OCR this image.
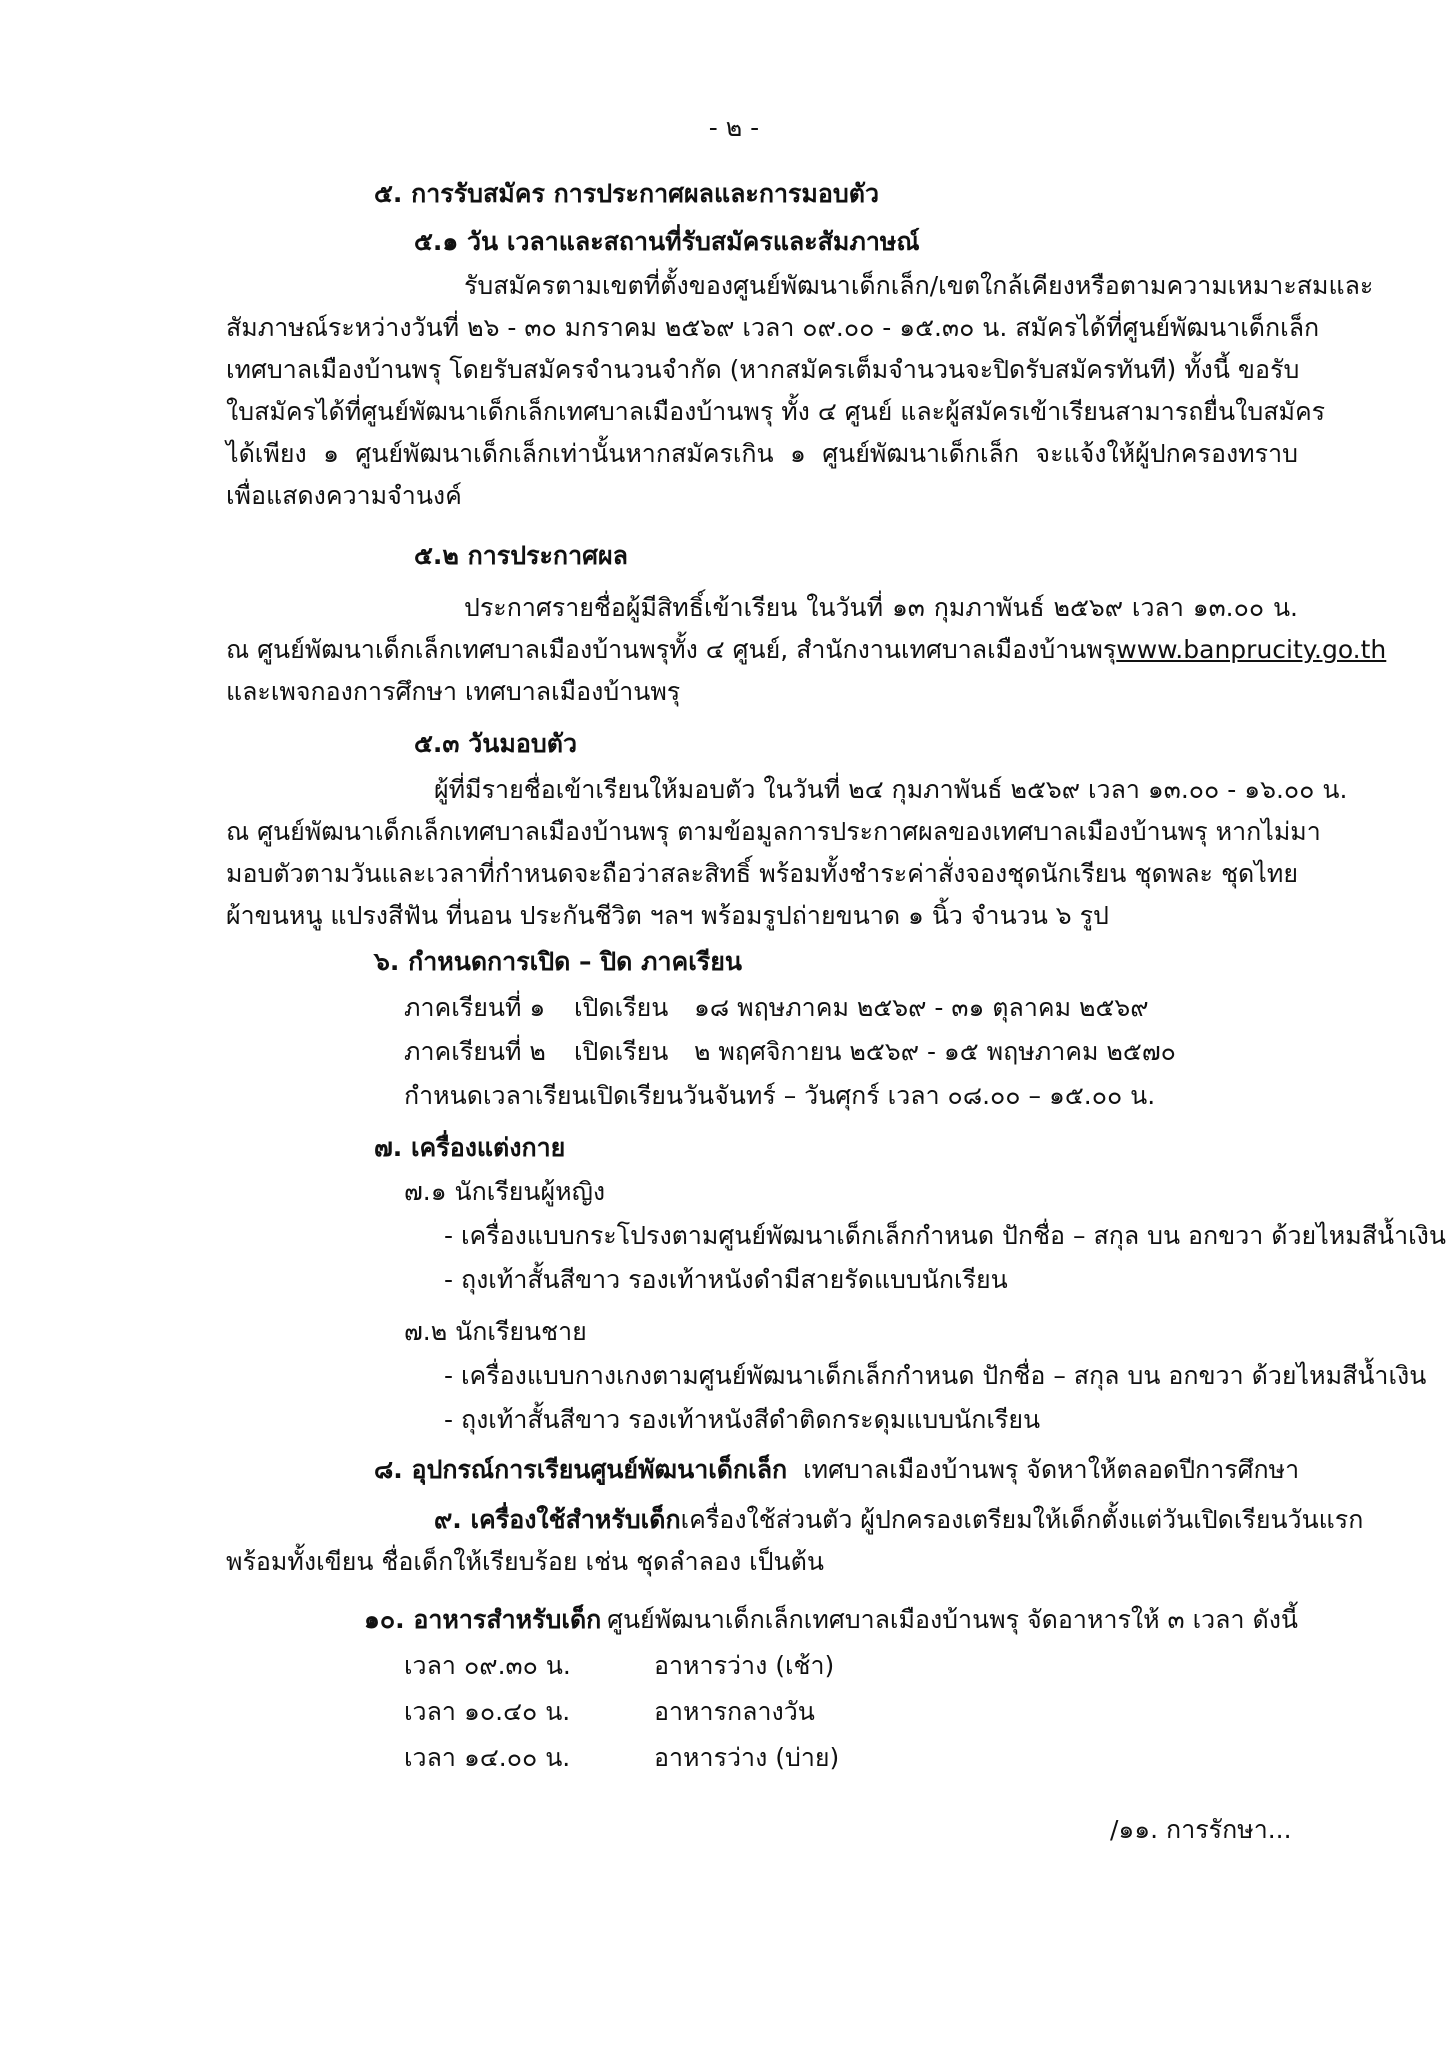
- ๒ -
๕. การรับสมัคร การประกาศผลและการมอบตัว
๕.๑ วัน เวลาและสถานที่รับสมัครและสัมภาษณ์
รับสมัครตามเขตที่ตั้งของศูนย์พัฒนาเด็กเล็ก/เขตใกล้เคียงหรือตามความเหมาะสมและ
สัมภาษณ์ระหว่างวันที่ ๒๖ - ๓๐ มกราคม ๒๕๖๙ เวลา ๐๙.๐๐ - ๑๕.๓๐ น. สมัครได้ที่ศูนย์พัฒนาเด็กเล็ก
เทศบาลเมืองบ้านพรุ โดยรับสมัครจำนวนจำกัด (หากสมัครเต็มจำนวนจะปิดรับสมัครทันที) ทั้งนี้ ขอรับ
ใบสมัครได้ที่ศูนย์พัฒนาเด็กเล็กเทศบาลเมืองบ้านพรุ ทั้ง ๔ ศูนย์ และผู้สมัครเข้าเรียนสามารถยื่นใบสมัคร
ได้เพียง ๑ ศูนย์พัฒนาเด็กเล็กเท่านั้นหากสมัครเกิน ๑ ศูนย์พัฒนาเด็กเล็ก จะแจ้งให้ผู้ปกครองทราบ
เพื่อแสดงความจำนงค์
๕.๒ การประกาศผล
ประกาศรายชื่อผู้มีสิทธิ์เข้าเรียน ในวันที่ ๑๓ กุมภาพันธ์ ๒๕๖๙ เวลา ๑๓.๐๐ น.
ณ ศูนย์พัฒนาเด็กเล็กเทศบาลเมืองบ้านพรุทั้ง ๔ ศูนย์, สำนักงานเทศบาลเมืองบ้านพรุ www.banprucity.go.th
และเพจกองการศึกษา เทศบาลเมืองบ้านพรุ
๕.๓ วันมอบตัว
ผู้ที่มีรายชื่อเข้าเรียนให้มอบตัว ในวันที่ ๒๔ กุมภาพันธ์ ๒๕๖๙ เวลา ๑๓.๐๐ - ๑๖.๐๐ น.
ณ ศูนย์พัฒนาเด็กเล็กเทศบาลเมืองบ้านพรุ ตามข้อมูลการประกาศผลของเทศบาลเมืองบ้านพรุ หากไม่มา
มอบตัวตามวันและเวลาที่กำหนดจะถือว่าสละสิทธิ์ พร้อมทั้งชำระค่าสั่งจองชุดนักเรียน ชุดพละ ชุดไทย
ผ้าขนหนู แปรงสีฟัน ที่นอน ประกันชีวิต ฯลฯ พร้อมรูปถ่ายขนาด ๑ นิ้ว จำนวน ๖ รูป
๖. กำหนดการเปิด – ปิด ภาคเรียน
ภาคเรียนที่ ๑ เปิดเรียน ๑๘ พฤษภาคม ๒๕๖๙ - ๓๑ ตุลาคม ๒๕๖๙
ภาคเรียนที่ ๒ เปิดเรียน ๒ พฤศจิกายน ๒๕๖๙ - ๑๕ พฤษภาคม ๒๕๗๐
กำหนดเวลาเรียนเปิดเรียนวันจันทร์ – วันศุกร์ เวลา ๐๘.๐๐ – ๑๕.๐๐ น.
๗. เครื่องแต่งกาย
๗.๑ นักเรียนผู้หญิง
- เครื่องแบบกระโปรงตามศูนย์พัฒนาเด็กเล็กกำหนด ปักชื่อ – สกุล บน อกขวา ด้วยไหมสีน้ำเงิน
- ถุงเท้าสั้นสีขาว รองเท้าหนังดำมีสายรัดแบบนักเรียน
๗.๒ นักเรียนชาย
- เครื่องแบบกางเกงตามศูนย์พัฒนาเด็กเล็กกำหนด ปักชื่อ – สกุล บน อกขวา ด้วยไหมสีน้ำเงิน
- ถุงเท้าสั้นสีขาว รองเท้าหนังสีดำติดกระดุมแบบนักเรียน
๘. อุปกรณ์การเรียนศูนย์พัฒนาเด็กเล็ก เทศบาลเมืองบ้านพรุ จัดหาให้ตลอดปีการศึกษา
๙. เครื่องใช้สำหรับเด็ก เครื่องใช้ส่วนตัว ผู้ปกครองเตรียมให้เด็กตั้งแต่วันเปิดเรียนวันแรก
พร้อมทั้งเขียน ชื่อเด็กให้เรียบร้อย เช่น ชุดลำลอง เป็นต้น
๑๐. อาหารสำหรับเด็ก ศูนย์พัฒนาเด็กเล็กเทศบาลเมืองบ้านพรุ จัดอาหารให้ ๓ เวลา ดังนี้
เวลา ๐๙.๓๐ น.	อาหารว่าง (เช้า)
เวลา ๑๐.๔๐ น.	อาหารกลางวัน
เวลา ๑๔.๐๐ น.	อาหารว่าง (บ่าย)
/๑๑. การรักษา...
